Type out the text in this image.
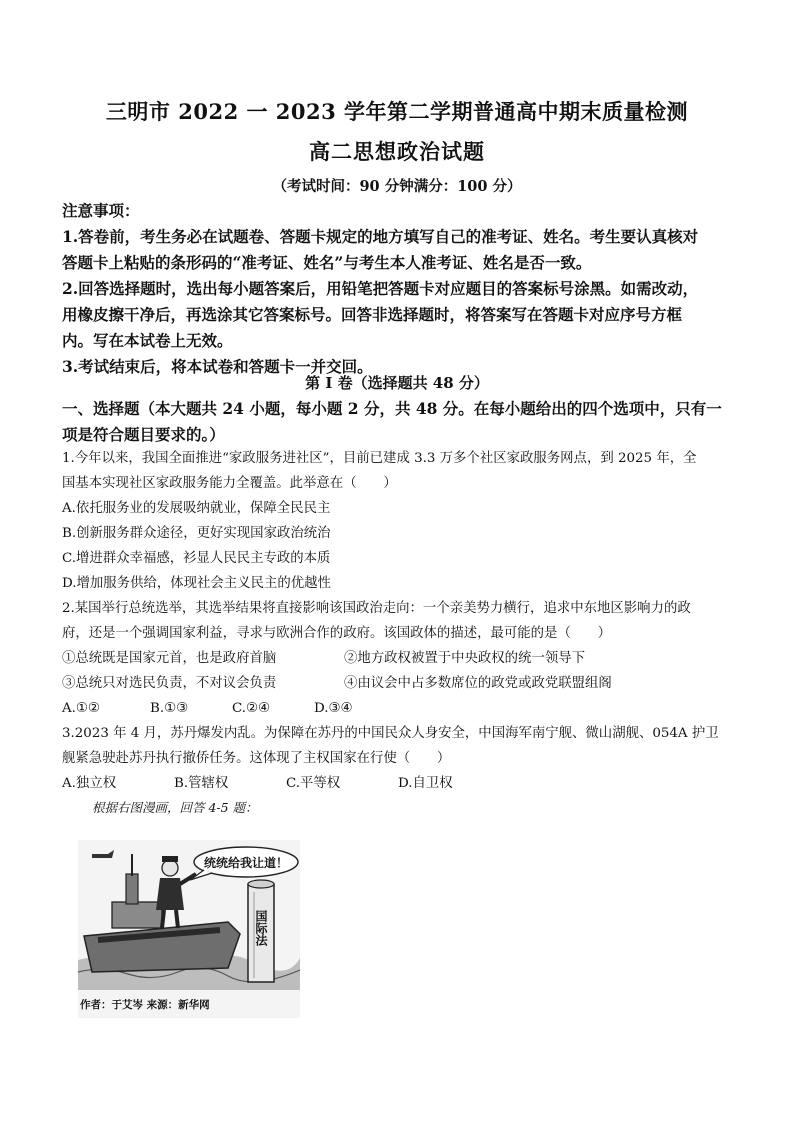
三明市 2022 一 2023 学年第二学期普通高中期末质量检测
高二思想政治试题
（考试时间：90 分钟满分：100 分）
注意事项：
1.答卷前，考生务必在试题卷、答题卡规定的地方填写自己的准考证、姓名。考生要认真核对
答题卡上粘贴的条形码的“准考证、姓名”与考生本人准考证、姓名是否一致。
2.回答选择题时，选出每小题答案后，用铅笔把答题卡对应题目的答案标号涂黑。如需改动，
用橡皮擦干净后，再选涂其它答案标号。回答非选择题时，将答案写在答题卡对应序号方框
内。写在本试卷上无效。
3.考试结束后，将本试卷和答题卡一并交回。
第 I 卷（选择题共 48 分）
一、选择题（本大题共 24 小题，每小题 2 分，共 48 分。在每小题给出的四个选项中，只有一
项是符合题目要求的。）
1.今年以来，我国全面推进“家政服务进社区”，目前已建成 3.3 万多个社区家政服务网点，到 2025 年，全
国基本实现社区家政服务能力全覆盖。此举意在（　　）
A.依托服务业的发展吸纳就业，保障全民民主
B.创新服务群众途径，更好实现国家政治统治
C.增进群众幸福感，衫显人民民主专政的本质
D.增加服务供给，体现社会主义民主的优越性
2.某国举行总统选举，其选举结果将直接影响该国政治走向：一个亲美势力横行，追求中东地区影响力的政
府，还是一个强调国家利益，寻求与欧洲合作的政府。该国政体的描述，最可能的是（　　）
①总统既是国家元首，也是政府首脑	②地方政权被置于中央政权的统一领导下
③总统只对选民负责，不对议会负责	④由议会中占多数席位的政党或政党联盟组阁
A.①②	B.①③	C.②④	D.③④
3.2023 年 4 月，苏丹爆发内乱。为保障在苏丹的中国民众人身安全，中国海军南宁舰、微山湖舰、054A 护卫
舰紧急驶赴苏丹执行撤侨任务。这体现了主权国家在行使（　　）
A.独立权	B.管辖权	C.平等权	D.自卫权
根据右图漫画，回答 4-5 题：
统统给我让道！
国际法
作者：于艾岑 来源：新华网
